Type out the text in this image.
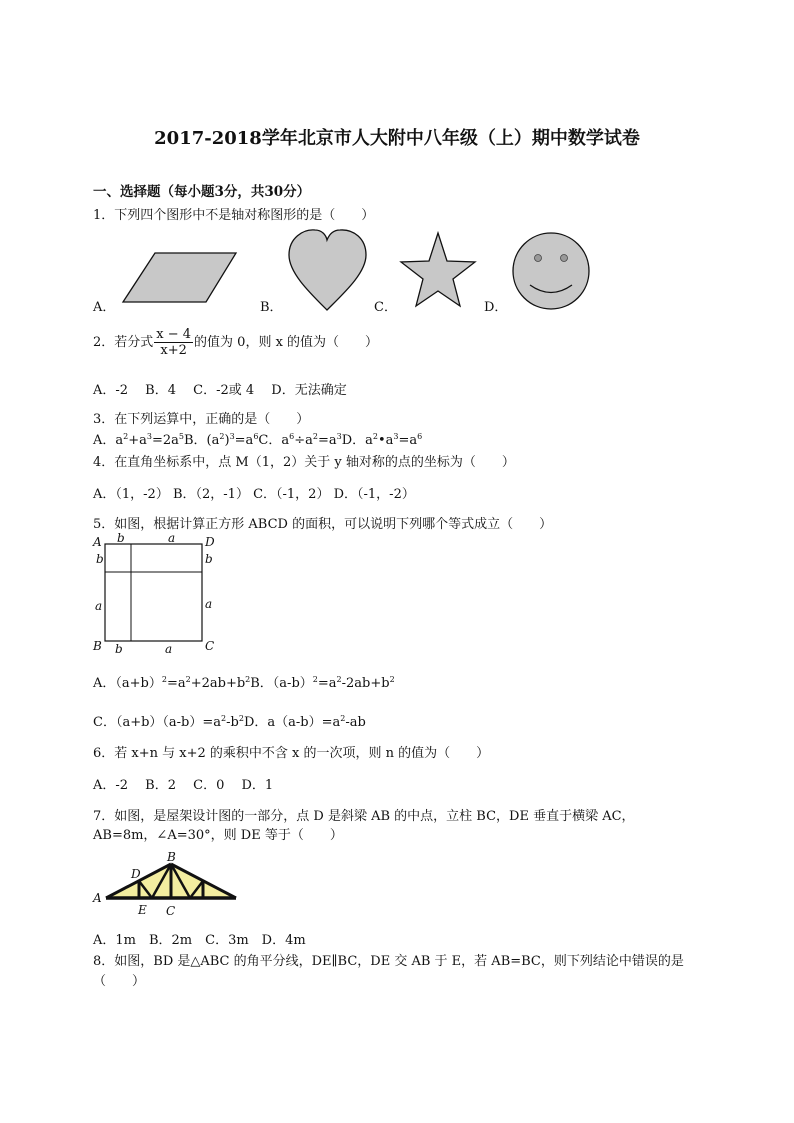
2017-2018学年北京市人大附中八年级（上）期中数学试卷
一、选择题（每小题3分，共30分）
1．下列四个图形中不是轴对称图形的是（　　）
A．	B．	C．	D．
2．若分式 $\frac{x - 4}{x+2}$ 的值为 0，则 x 的值为（　　）
A．-2　 B．4　 C．-2或 4　 D．无法确定
3．在下列运算中，正确的是（　　）
A．$a^2+a^3=2a^5B$．$(a^2)^3=a^6C$．$a^6\div a^2=a^3D$．$a^2•a^3=a^6$
4．在直角坐标系中，点 M（1，2）关于 y 轴对称的点的坐标为（　　）
A．（1，-2） B．（2，-1） C．（-1，2） D．（-1，-2）
5．如图，根据计算正方形 ABCD 的面积，可以说明下列哪个等式成立（　　）
A	D
B	C
b	a
b	a
b
a
b
a
A．$(a+b)^2=a^2+2ab+b^2B$．$(a-b)^2=a^2-2ab+b^2$
C．$(a+b)(a-b)=a^2-b^2D$．$a(a-b)=a^2-ab$
6．若 x+n 与 x+2 的乘积中不含 x 的一次项，则 n 的值为（　　）
A．-2　 B．2　 C．0　 D．1
7．如图，是屋架设计图的一部分，点 D 是斜梁 AB 的中点，立柱 BC，DE 垂直于横梁 AC，
AB=8m，∠A=30°，则 DE 等于（　　）
A
B
C
D
E
A．1m　B．2m　C．3m　D．4m
8．如图，BD 是△ABC 的角平分线，DE∥BC，DE 交 AB 于 E，若 AB=BC，则下列结论中错误的是
（　　）
